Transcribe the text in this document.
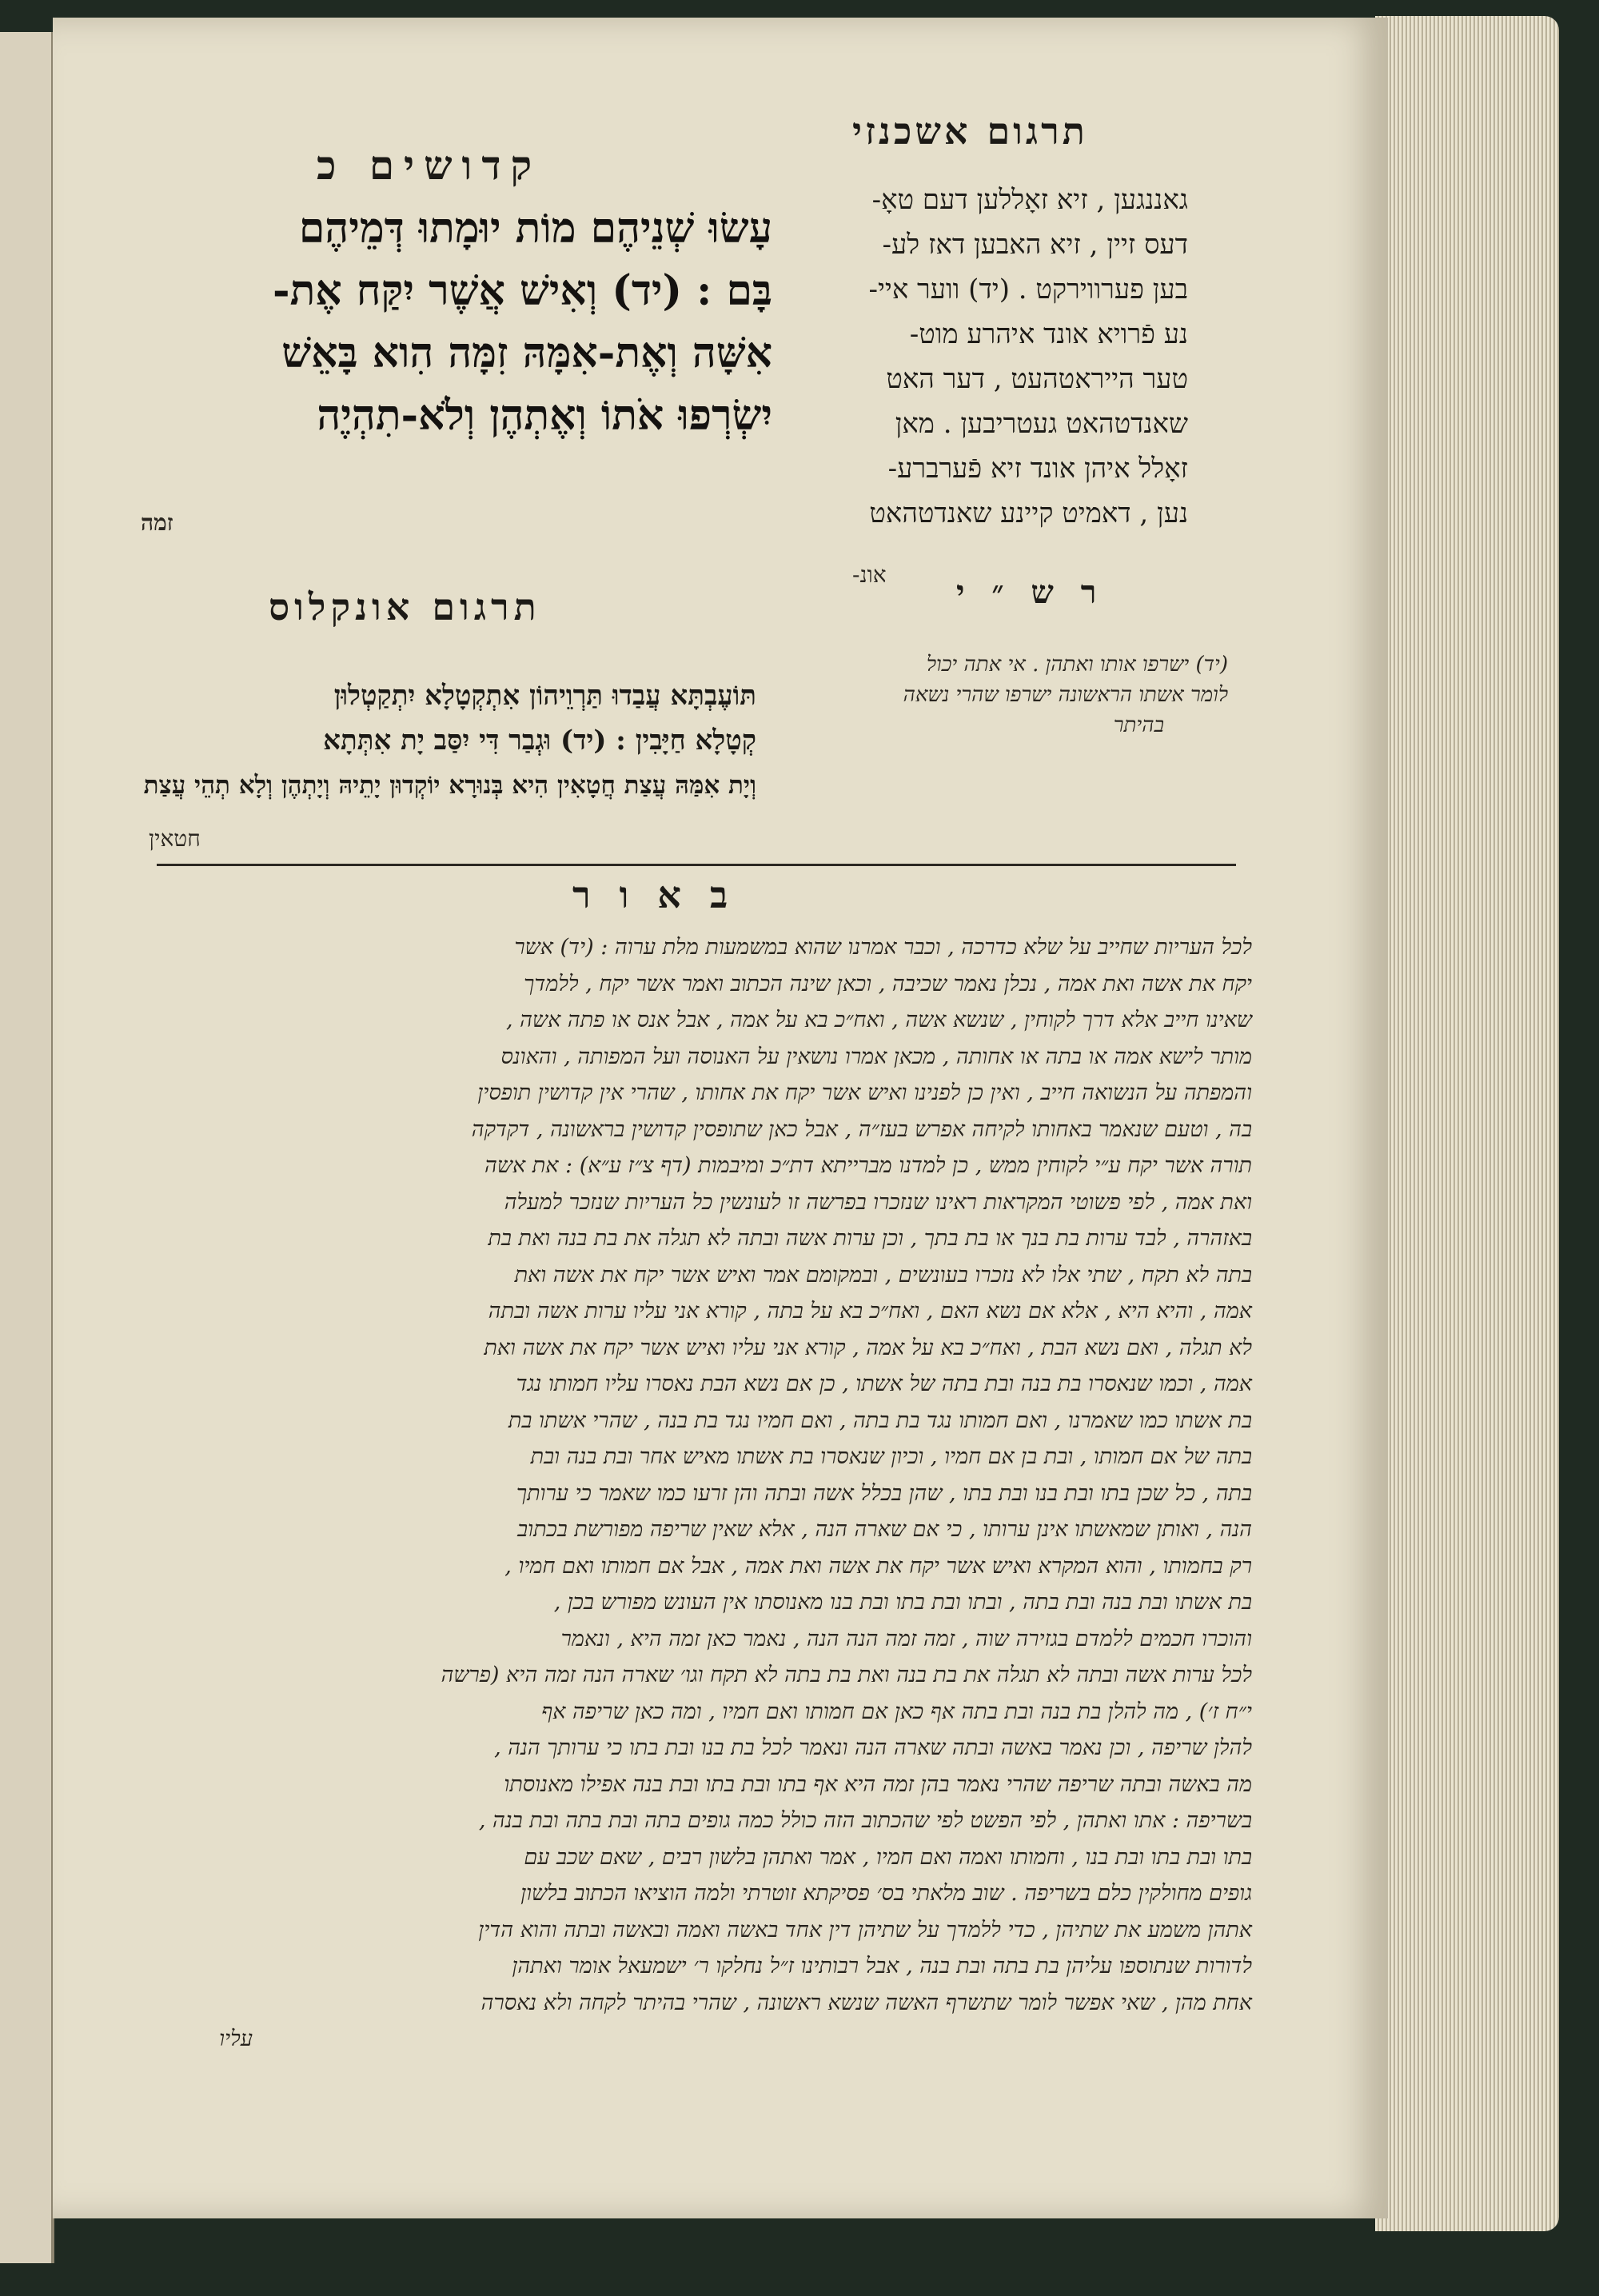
תרגום אשכנזי
קדושים כ

גאננגען , זיא זאָללען דעם טאָ-

דעס זיין , זיא האבען דאז לע-

בען פערווירקט . (יד) ווער איי-

נע פֿרויא אונד איהרע מוט-

טער הייראטהעט , דער האט

שאנדטהאט געטריבען . מאן

זאָלל איהן אונד זיא פֿערברע-

נען , דאמיט קיינע שאנדטהאט

אונ-

עָשׂוּ שְׁנֵיהֶם מוֹת יוּמָתוּ דְּמֵיהֶם

בָּם : (יד) וְאִישׁ אֲשֶׁר יִקַּח אֶת-

אִשָּׁה וְאֶת-אִמָּהּ זִמָּה הִוא בָּאֵשׁ

יִשְׂרְפוּ אֹתוֹ וְאֶתְהֶן וְלֹא-תִהְיֶה

זמה
ר ש ״ י

(יד) ישרפו אותו ואתהן . אי אתה יכול

לומר אשתו הראשונה ישרפו שהרי נשאה

בהיתר

תרגום אונקלוס

תּוֹעֶבְתָּא עֲבַדוּ תַּרְוֵיהוֹן אִתְקְטָלָא יִתְקַטְלוּן

קְטָלָא חַיָּבִין : (יד) וּגְבַר דִּי יִסַּב יָת אִתְּתָא

וְיָת אִמַּהּ עֲצַת חֲטָאִין הִיא בְּנוּרָא יוֹקְדוּן יָתֵיהּ וְיָתְהֶן וְלָא תְהֵי עֲצַת

חטאין
ב א ו ר

לכל העריות שחייב על שלא כדרכה , וכבר אמרנו שהוא במשמעות מלת ערוה : (יד) אשר

יקח את אשה ואת אמה , נכלן נאמר שכיבה , וכאן שינה הכתוב ואמר אשר יקח , ללמדך

שאינו חייב אלא דרך לקוחין , שנשא אשה , ואח״כ בא על אמה , אבל אנס או פתה אשה ,

מותר לישא אמה או בתה או אחותה , מכאן אמרו נושאין על האנוסה ועל המפותה , והאונס

והמפתה על הנשואה חייב , ואין כן לפנינו ואיש אשר יקח את אחותו , שהרי אין קדושין תופסין

בה , וטעם שנאמר באחותו לקיחה אפרש בעז״ה , אבל כאן שתופסין קדושין בראשונה , דקדקה

תורה אשר יקח ע״י לקוחין ממש , כן למדנו מברייתא דת״כ ומיבמות (דף צ״ז ע״א) : את אשה

ואת אמה , לפי פשוטי המקראות ראינו שנזכרו בפרשה זו לעונשין כל העריות שנזכר למעלה

באזהרה , לבד ערות בת בנך או בת בתך , וכן ערות אשה ובתה לא תגלה את בת בנה ואת בת

בתה לא תקח , שתי אלו לא נזכרו בעונשים , ובמקומם אמר ואיש אשר יקח את אשה ואת

אמה , והיא היא , אלא אם נשא האם , ואח״כ בא על בתה , קורא אני עליו ערות אשה ובתה

לא תגלה , ואם נשא הבת , ואח״כ בא על אמה , קורא אני עליו ואיש אשר יקח את אשה ואת

אמה , וכמו שנאסרו בת בנה ובת בתה של אשתו , כן אם נשא הבת נאסרו עליו חמותו נגד

בת אשתו כמו שאמרנו , ואם חמותו נגד בת בתה , ואם חמיו נגד בת בנה , שהרי אשתו בת

בתה של אם חמותו , ובת בן אם חמיו , וכיון שנאסרו בת אשתו מאיש אחר ובת בנה ובת

בתה , כל שכן בתו ובת בנו ובת בתו , שהן בכלל אשה ובתה והן זרעו כמו שאמר כי ערותך

הנה , ואותן שמאשתו אינן ערותו , כי אם שארה הנה , אלא שאין שריפה מפורשת בכתוב

רק בחמותו , והוא המקרא ואיש אשר יקח את אשה ואת אמה , אבל אם חמותו ואם חמיו ,

בת אשתו ובת בנה ובת בתה , ובתו ובת בתו ובת בנו מאנוסתו אין העונש מפורש בכן ,

והוכרו חכמים ללמדם בגזירה שוה , זמה זמה הנה הנה , נאמר כאן זמה היא , ונאמר

לכל ערות אשה ובתה לא תגלה את בת בנה ואת בת בתה לא תקח וגו׳ שארה הנה זמה היא (פרשה

י״ח ז׳) , מה להלן בת בנה ובת בתה אף כאן אם חמותו ואם חמיו , ומה כאן שריפה אף

להלן שריפה , וכן נאמר באשה ובתה שארה הנה ונאמר לכל בת בנו ובת בתו כי ערותך הנה ,

מה באשה ובתה שריפה שהרי נאמר בהן זמה היא אף בתו ובת בתו ובת בנה אפילו מאנוסתו

בשריפה : אתו ואתהן , לפי הפשט לפי שהכתוב הזה כולל כמה גופים בתה ובת בתה ובת בנה ,

בתו ובת בתו ובת בנו , וחמותו ואמה ואם חמיו , אמר ואתהן בלשון רבים , שאם שכב עם

גופים מחולקין כלם בשריפה . שוב מלאתי בס׳ פסיקתא זוטרתי ולמה הוציאו הכתוב בלשון

אתהן משמע את שתיהן , כדי ללמדך על שתיהן דין אחד באשה ואמה ובאשה ובתה והוא הדין

לדורות שנתוספו עליהן בת בתה ובת בנה , אבל רבותינו ז״ל נחלקו ר׳ ישמעאל אומר ואתהן

אחת מהן , שאי אפשר לומר שתשרף האשה שנשא ראשונה , שהרי בהיתר לקחה ולא נאסרה

עליו
